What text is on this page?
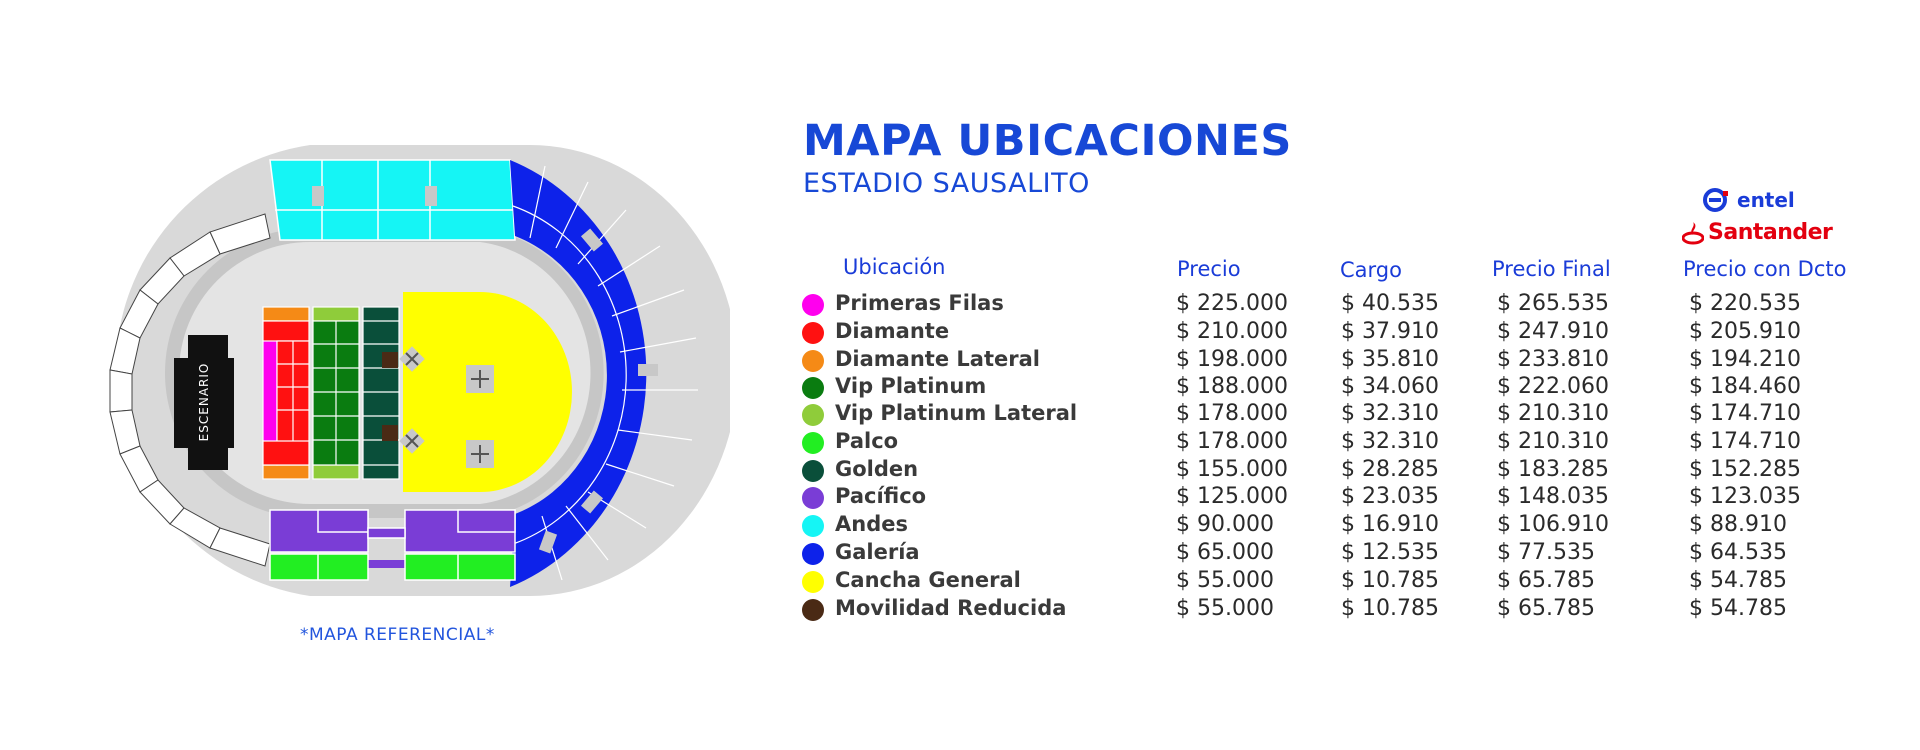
ESCENARIO
*MAPA REFERENCIAL*
MAPA UBICACIONES
ESTADIO SAUSALITO
entel
Santander
Ubicación	Precio	Cargo	Precio Final	Precio con Dcto
Primeras Filas	$ 225.000 $ 40.535	$ 265.535	$ 220.535
Diamante	$ 210.000 $ 37.910	$ 247.910	$ 205.910
Diamante Lateral	$ 198.000 $ 35.810	$ 233.810	$ 194.210
Vip Platinum	$ 188.000 $ 34.060	$ 222.060	$ 184.460
Vip Platinum Lateral	$ 178.000 $ 32.310	$ 210.310	$ 174.710
Palco	$ 178.000 $ 32.310	$ 210.310	$ 174.710
Golden	$ 155.000 $ 28.285	$ 183.285	$ 152.285
Pacífico	$ 125.000 $ 23.035	$ 148.035	$ 123.035
Andes	$ 90.000	$ 16.910	$ 106.910	$ 88.910
Galería	$ 65.000	$ 12.535	$ 77.535	$ 64.535
Cancha General	$ 55.000	$ 10.785	$ 65.785	$ 54.785
Movilidad Reducida	$ 55.000	$ 10.785	$ 65.785	$ 54.785
